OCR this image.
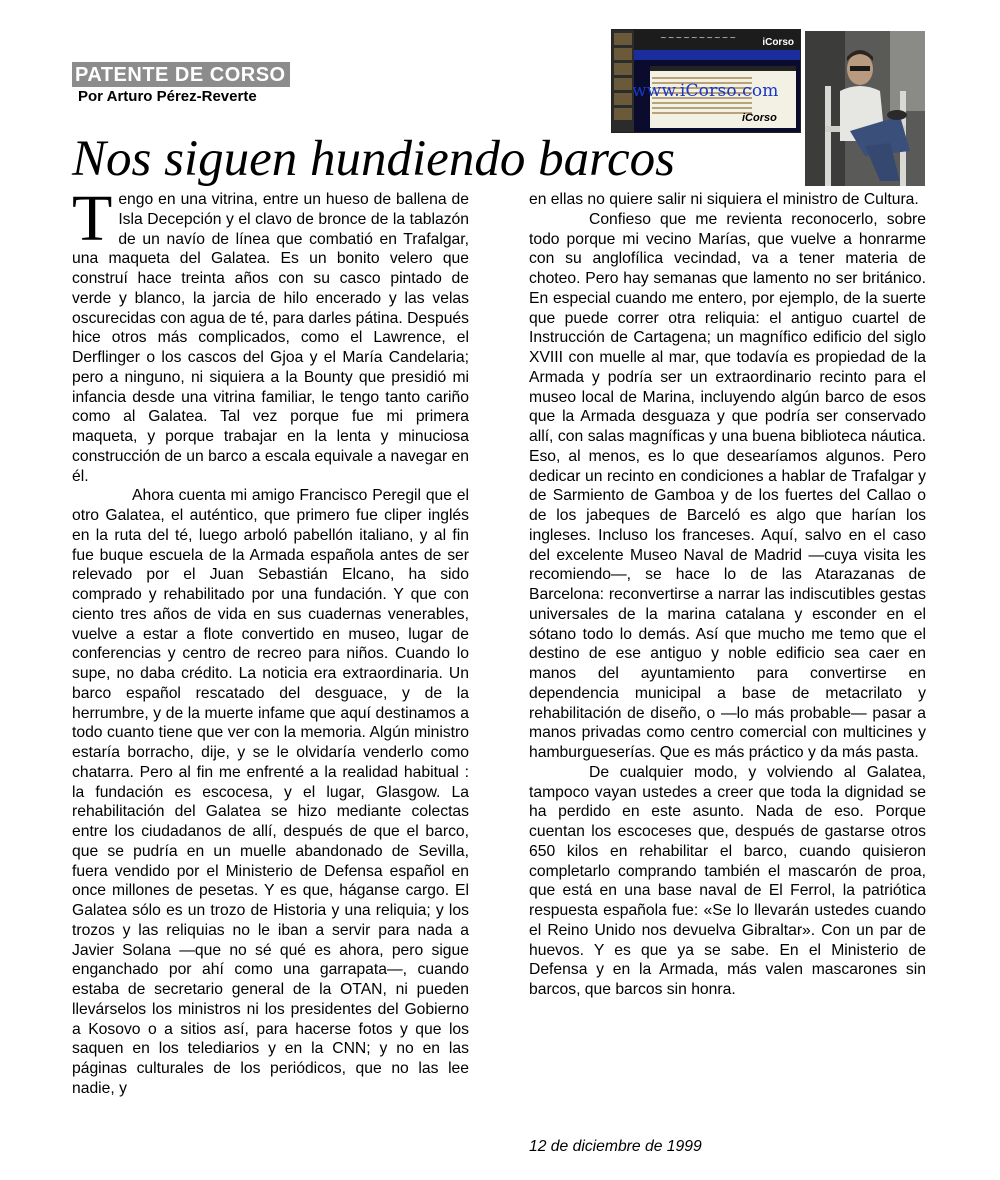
PATENTE DE CORSO
Por Arturo Pérez-Reverte
~~~~~~~~~~	iCorso
www.iCorso.com
iCorso
Nos siguen hundiendo barcos

Tengo en una vitrina, entre un hueso de ballena de Isla Decepción y el clavo de bronce de la tablazón de un navío de línea que combatió en Trafalgar, una maqueta del Galatea. Es un bonito velero que construí hace treinta años con su casco pintado de verde y blanco, la jarcia de hilo encerado y las velas oscurecidas con agua de té, para darles pátina. Después hice otros más complicados, como el Lawrence, el Derflinger o los cascos del Gjoa y el María Candelaria; pero a ninguno, ni siquiera a la Bounty que presidió mi infancia desde una vitrina familiar, le tengo tanto cariño como al Galatea. Tal vez porque fue mi primera maqueta, y porque trabajar en la lenta y minuciosa construcción de un barco a escala equivale a navegar en él.

Ahora cuenta mi amigo Francisco Peregil que el otro Galatea, el auténtico, que primero fue cliper inglés en la ruta del té, luego arboló pabellón italiano, y al fin fue buque escuela de la Armada española antes de ser relevado por el Juan Sebastián Elcano, ha sido comprado y rehabilitado por una fundación. Y que con ciento tres años de vida en sus cuadernas venerables, vuelve a estar a flote convertido en museo, lugar de conferencias y centro de recreo para niños. Cuando lo supe, no daba crédito. La noticia era extraordinaria. Un barco español rescatado del desguace, y de la herrumbre, y de la muerte infame que aquí destinamos a todo cuanto tiene que ver con la memoria. Algún ministro estaría borracho, dije, y se le olvidaría venderlo como chatarra. Pero al fin me enfrenté a la realidad habitual : la fundación es escocesa, y el lugar, Glasgow. La rehabilitación del Galatea se hizo mediante colectas entre los ciudadanos de allí, después de que el barco, que se pudría en un muelle abandonado de Sevilla, fuera vendido por el Ministerio de Defensa español en once millones de pesetas. Y es que, háganse cargo. El Galatea sólo es un trozo de Historia y una reliquia; y los trozos y las reliquias no le iban a servir para nada a Javier Solana —que no sé qué es ahora, pero sigue enganchado por ahí como una garrapata—, cuando estaba de secretario general de la OTAN, ni pueden llevárselos los ministros ni los presidentes del Gobierno a Kosovo o a sitios así, para hacerse fotos y que los saquen en los telediarios y en la CNN; y no en las páginas culturales de los periódicos, que no las lee nadie, y

en ellas no quiere salir ni siquiera el ministro de Cultura.

Confieso que me revienta reconocerlo, sobre todo porque mi vecino Marías, que vuelve a honrarme con su anglofílica vecindad, va a tener materia de choteo. Pero hay semanas que lamento no ser británico. En especial cuando me entero, por ejemplo, de la suerte que puede correr otra reliquia: el antiguo cuartel de Instrucción de Cartagena; un magnífico edificio del siglo XVIII con muelle al mar, que todavía es propiedad de la Armada y podría ser un extraordinario recinto para el museo local de Marina, incluyendo algún barco de esos que la Armada desguaza y que podría ser conservado allí, con salas magníficas y una buena biblioteca náutica. Eso, al menos, es lo que desearíamos algunos. Pero dedicar un recinto en condiciones a hablar de Trafalgar y de Sarmiento de Gamboa y de los fuertes del Callao o de los jabeques de Barceló es algo que harían los ingleses. Incluso los franceses. Aquí, salvo en el caso del excelente Museo Naval de Madrid —cuya visita les recomiendo—, se hace lo de las Atarazanas de Barcelona: reconvertirse a narrar las indiscutibles gestas universales de la marina catalana y esconder en el sótano todo lo demás. Así que mucho me temo que el destino de ese antiguo y noble edificio sea caer en manos del ayuntamiento para convertirse en dependencia municipal a base de metacrilato y rehabilitación de diseño, o —lo más probable— pasar a manos privadas como centro comercial con multicines y hamburgueserías. Que es más práctico y da más pasta.

De cualquier modo, y volviendo al Galatea, tampoco vayan ustedes a creer que toda la dignidad se ha perdido en este asunto. Nada de eso. Porque cuentan los escoceses que, después de gastarse otros 650 kilos en rehabilitar el barco, cuando quisieron completarlo comprando también el mascarón de proa, que está en una base naval de El Ferrol, la patriótica respuesta española fue: «Se lo llevarán ustedes cuando el Reino Unido nos devuelva Gibraltar». Con un par de huevos. Y es que ya se sabe. En el Ministerio de Defensa y en la Armada, más valen mascarones sin barcos, que barcos sin honra.

12 de diciembre de 1999
